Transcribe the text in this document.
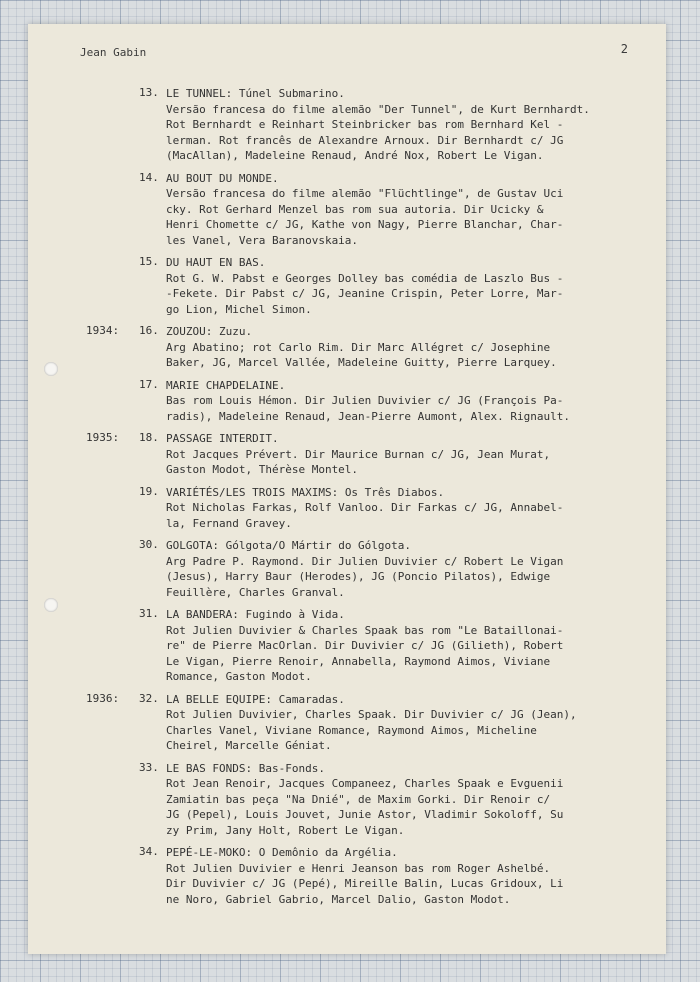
Jean Gabin	2
13. LE TUNNEL: Túnel Submarino.
Versão francesa do filme alemão "Der Tunnel", de Kurt Bernhardt.
Rot Bernhardt e Reinhart Steinbricker bas rom Bernhard Kel -
lerman. Rot francês de Alexandre Arnoux. Dir Bernhardt c/ JG
(MacAllan), Madeleine Renaud, André Nox, Robert Le Vigan.
14. AU BOUT DU MONDE.
Versão francesa do filme alemão "Flüchtlinge", de Gustav Uci
cky. Rot Gerhard Menzel bas rom sua autoria. Dir Ucicky &
Henri Chomette c/ JG, Kathe von Nagy, Pierre Blanchar, Char-
les Vanel, Vera Baranovskaia.
15. DU HAUT EN BAS.
Rot G. W. Pabst e Georges Dolley bas comédia de Laszlo Bus -
-Fekete. Dir Pabst c/ JG, Jeanine Crispin, Peter Lorre, Mar-
go Lion, Michel Simon.
1934: 16. ZOUZOU: Zuzu.
Arg Abatino; rot Carlo Rim. Dir Marc Allégret c/ Josephine
Baker, JG, Marcel Vallée, Madeleine Guitty, Pierre Larquey.
17. MARIE CHAPDELAINE.
Bas rom Louis Hémon. Dir Julien Duvivier c/ JG (François Pa-
radis), Madeleine Renaud, Jean-Pierre Aumont, Alex. Rignault.
1935: 18. PASSAGE INTERDIT.
Rot Jacques Prévert. Dir Maurice Burnan c/ JG, Jean Murat,
Gaston Modot, Thérèse Montel.
19. VARIÉTÉS/LES TROIS MAXIMS: Os Três Diabos.
Rot Nicholas Farkas, Rolf Vanloo. Dir Farkas c/ JG, Annabel-
la, Fernand Gravey.
30. GOLGOTA: Gólgota/O Mártir do Gólgota.
Arg Padre P. Raymond. Dir Julien Duvivier c/ Robert Le Vigan
(Jesus), Harry Baur (Herodes), JG (Poncio Pilatos), Edwige
Feuillère, Charles Granval.
31. LA BANDERA: Fugindo à Vida.
Rot Julien Duvivier & Charles Spaak bas rom "Le Bataillonai-
re" de Pierre MacOrlan. Dir Duvivier c/ JG (Gilieth), Robert
Le Vigan, Pierre Renoir, Annabella, Raymond Aimos, Viviane
Romance, Gaston Modot.
1936: 32. LA BELLE EQUIPE: Camaradas.
Rot Julien Duvivier, Charles Spaak. Dir Duvivier c/ JG (Jean),
Charles Vanel, Viviane Romance, Raymond Aimos, Micheline
Cheirel, Marcelle Géniat.
33. LE BAS FONDS: Bas-Fonds.
Rot Jean Renoir, Jacques Companeez, Charles Spaak e Evguenii
Zamiatin bas peça "Na Dnié", de Maxim Gorki. Dir Renoir c/
JG (Pepel), Louis Jouvet, Junie Astor, Vladimir Sokoloff, Su
zy Prim, Jany Holt, Robert Le Vigan.
34. PEPÉ-LE-MOKO: O Demônio da Argélia.
Rot Julien Duvivier e Henri Jeanson bas rom Roger Ashelbé.
Dir Duvivier c/ JG (Pepé), Mireille Balin, Lucas Gridoux, Li
ne Noro, Gabriel Gabrio, Marcel Dalio, Gaston Modot.
